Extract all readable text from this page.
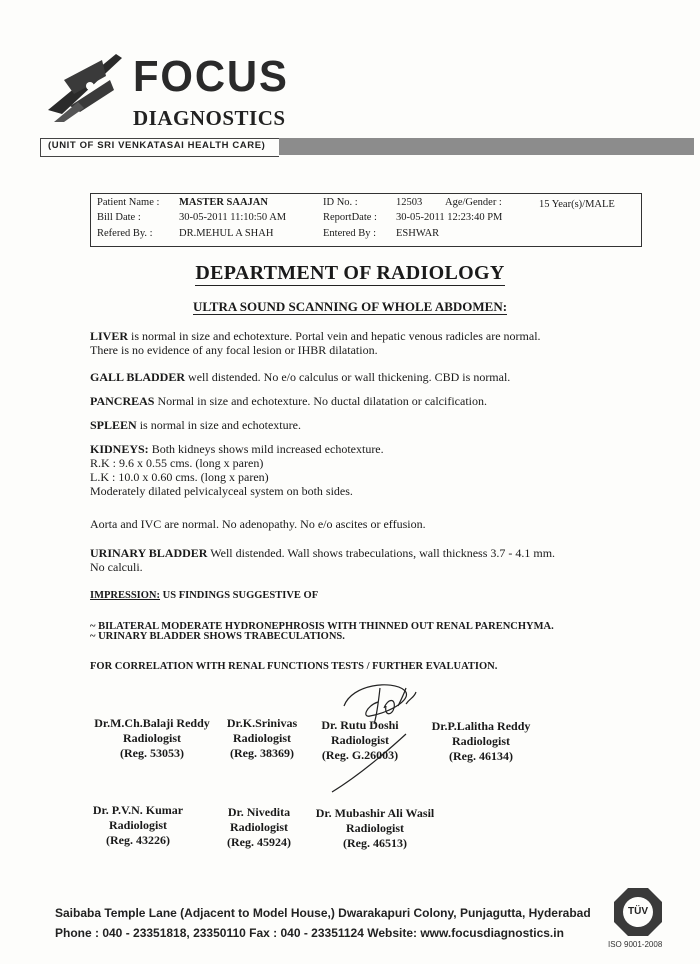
FOCUS
DIAGNOSTICS
(UNIT OF SRI VENKATASAI HEALTH CARE)
Patient Name : MASTER SAAJAN	ID No. :	12503 Age/Gender :	15 Year(s)/MALE
Bill Date :	30-05-2011 11:10:50 AM	ReportDate : 30-05-2011 12:23:40 PM
Refered By. :	DR.MEHUL A SHAH	Entered By : ESHWAR
DEPARTMENT OF RADIOLOGY
ULTRA SOUND SCANNING OF WHOLE ABDOMEN:
LIVER is normal in size and echotexture. Portal vein and hepatic venous radicles are normal.
There is no evidence of any focal lesion or IHBR dilatation.
GALL BLADDER well distended. No e/o calculus or wall thickening. CBD is normal.
PANCREAS Normal in size and echotexture. No ductal dilatation or calcification.
SPLEEN is normal in size and echotexture.
KIDNEYS: Both kidneys shows mild increased echotexture.
R.K : 9.6 x 0.55 cms. (long x paren)
L.K : 10.0 x 0.60 cms. (long x paren)
Moderately dilated pelvicalyceal system on both sides.
Aorta and IVC are normal. No adenopathy. No e/o ascites or effusion.
URINARY BLADDER Well distended. Wall shows trabeculations, wall thickness 3.7 - 4.1 mm.
No calculi.
IMPRESSION: US FINDINGS SUGGESTIVE OF
~ BILATERAL MODERATE HYDRONEPHROSIS WITH THINNED OUT RENAL PARENCHYMA.
~ URINARY BLADDER SHOWS TRABECULATIONS.
FOR CORRELATION WITH RENAL FUNCTIONS TESTS / FURTHER EVALUATION.
Dr.M.Ch.Balaji Reddy
Radiologist
(Reg. 53053)
Dr.K.Srinivas
Radiologist
(Reg. 38369)
Dr. Rutu Doshi
Radiologist
(Reg. G.26003)
Dr.P.Lalitha Reddy
Radiologist
(Reg. 46134)
Dr. P.V.N. Kumar
Radiologist
(Reg. 43226)
Dr. Nivedita
Radiologist
(Reg. 45924)
Dr. Mubashir Ali Wasil
Radiologist
(Reg. 46513)
Saibaba Temple Lane (Adjacent to Model House,) Dwarakapuri Colony, Punjagutta, Hyderabad
Phone : 040 - 23351818, 23350110 Fax : 040 - 23351124 Website: www.focusdiagnostics.in
TÜV
ISO 9001-2008
